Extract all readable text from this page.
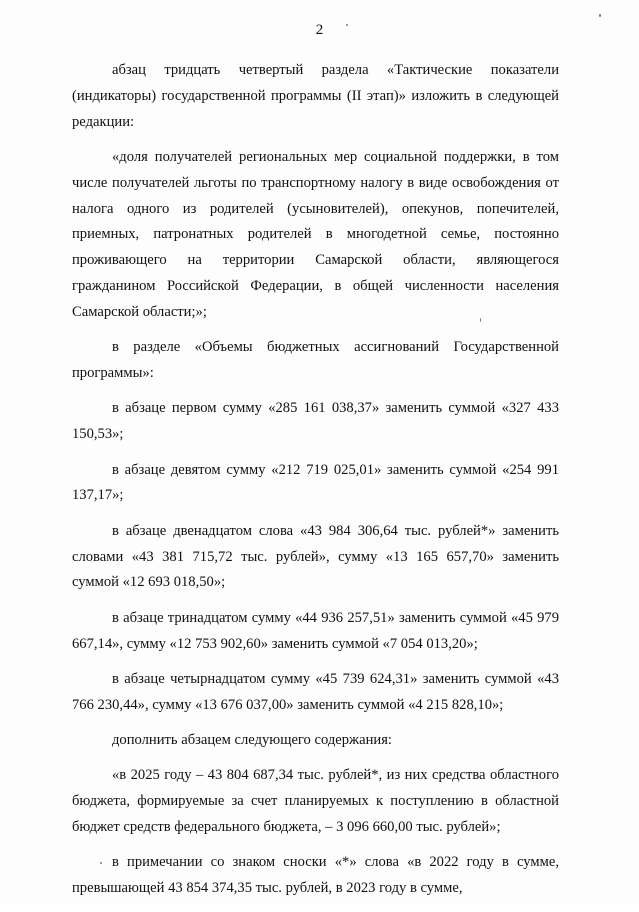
2

абзац тридцать четвертый раздела «Тактические показатели (индикаторы) государственной программы (II этап)» изложить в следующей редакции:

«доля получателей региональных мер социальной поддержки, в том числе получателей льготы по транспортному налогу в виде освобождения от налога одного из родителей (усыновителей), опекунов, попечителей, приемных, патронатных родителей в многодетной семье, постоянно проживающего на территории Самарской области, являющегося гражданином Российской Федерации, в общей численности населения Самарской области;»;

в разделе «Объемы бюджетных ассигнований Государственной программы»:

в абзаце первом сумму «285 161 038,37» заменить суммой «327 433 150,53»;

в абзаце девятом сумму «212 719 025,01» заменить суммой «254 991 137,17»;

в абзаце двенадцатом слова «43 984 306,64 тыс. рублей*» заменить словами «43 381 715,72 тыс. рублей», сумму «13 165 657,70» заменить суммой «12 693 018,50»;

в абзаце тринадцатом сумму «44 936 257,51» заменить суммой «45 979 667,14», сумму «12 753 902,60» заменить суммой «7 054 013,20»;

в абзаце четырнадцатом сумму «45 739 624,31» заменить суммой «43 766 230,44», сумму «13 676 037,00» заменить суммой «4 215 828,10»;

дополнить абзацем следующего содержания:

«в 2025 году – 43 804 687,34 тыс. рублей*, из них средства областного бюджета, формируемые за счет планируемых к поступлению в областной бюджет средств федерального бюджета, – 3 096 660,00 тыс. рублей»;

в примечании со знаком сноски «*» слова «в 2022 году в сумме, превышающей 43 854 374,35 тыс. рублей, в 2023 году в сумме,
